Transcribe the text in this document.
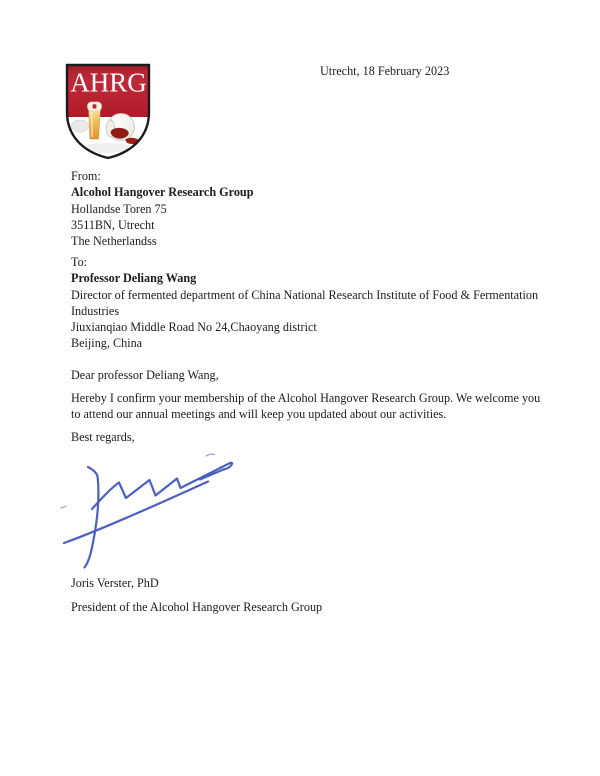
AHRG	Utrecht, 18 February 2023
From:
Alcohol Hangover Research Group
Hollandse Toren 75
3511BN, Utrecht
The Netherlandss
To:
Professor Deliang Wang
Director of fermented department of China National Research Institute of Food & Fermentation
Industries
Jiuxianqiao Middle Road No 24,Chaoyang district
Beijing, China
Dear professor Deliang Wang,
Hereby I confirm your membership of the Alcohol Hangover Research Group. We welcome you
to attend our annual meetings and will keep you updated about our activities.
Best regards,
Joris Verster, PhD
President of the Alcohol Hangover Research Group
